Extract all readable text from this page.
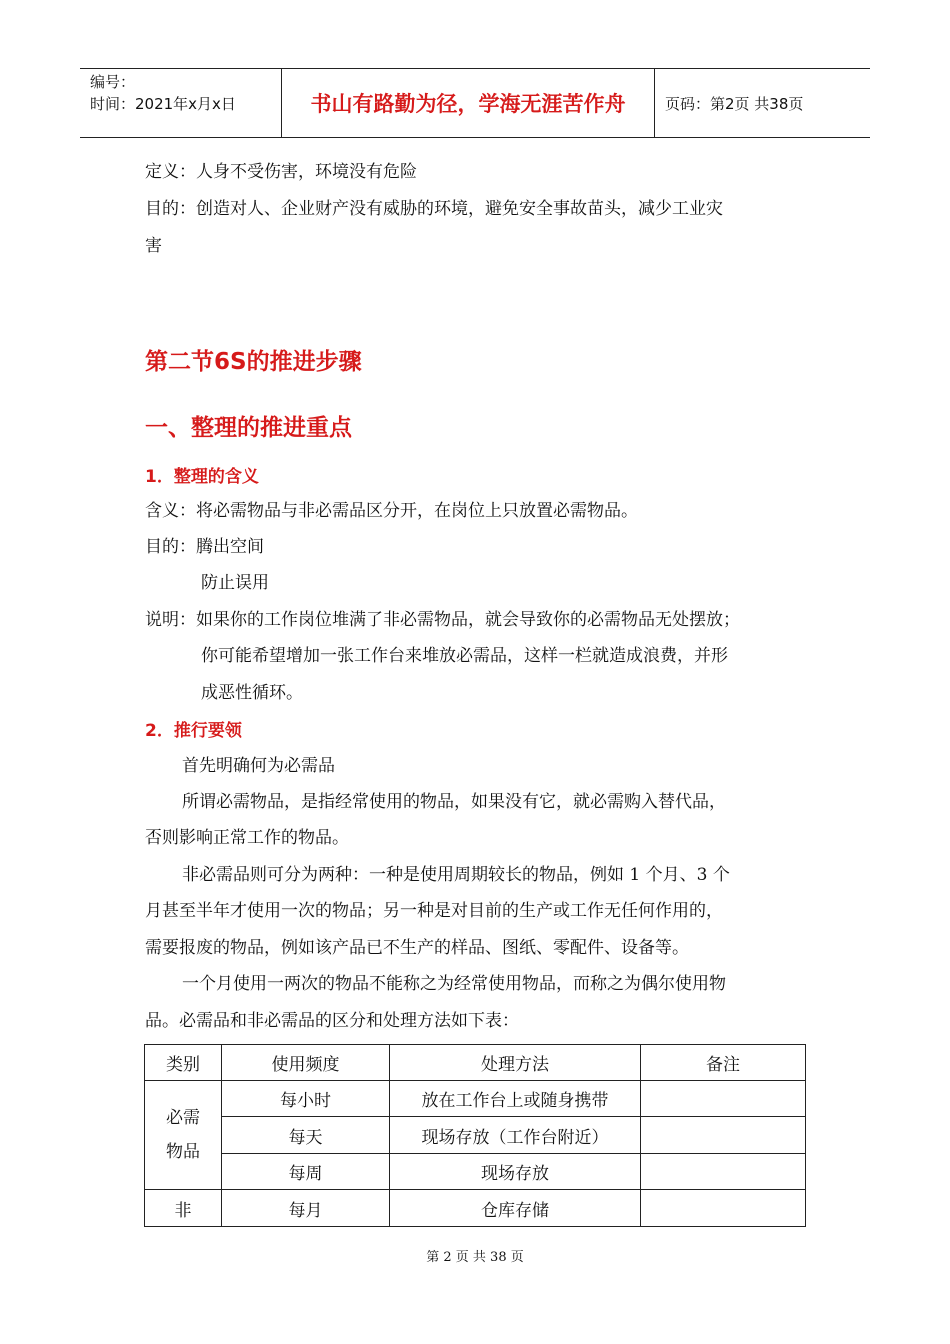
编号：
时间：2021年x月x日	书山有路勤为径，学海无涯苦作舟	页码：第2页 共38页
定义：人身不受伤害，环境没有危险
目的：创造对人、企业财产没有威胁的环境，避免安全事故苗头，减少工业灾
害
第二节6S的推进步骤
一、整理的推进重点
1．整理的含义
含义：将必需物品与非必需品区分开，在岗位上只放置必需物品。
目的：腾出空间
防止误用
说明：如果你的工作岗位堆满了非必需物品，就会导致你的必需物品无处摆放；
你可能希望增加一张工作台来堆放必需品，这样一栏就造成浪费，并形
成恶性循环。
2．推行要领
首先明确何为必需品
所谓必需物品，是指经常使用的物品，如果没有它，就必需购入替代品，
否则影响正常工作的物品。
非必需品则可分为两种：一种是使用周期较长的物品，例如 1 个月、3 个
月甚至半年才使用一次的物品；另一种是对目前的生产或工作无任何作用的，
需要报废的物品，例如该产品已不生产的样品、图纸、零配件、设备等。
一个月使用一两次的物品不能称之为经常使用物品，而称之为偶尔使用物
品。必需品和非必需品的区分和处理方法如下表：
类别	使用频度	处理方法	备注

必需
物品	每小时	放在工作台上或随身携带	
	每天	现场存放（工作台附近）	
	每周	现场存放	
非	每月	仓库存储	
第 2 页 共 38 页
